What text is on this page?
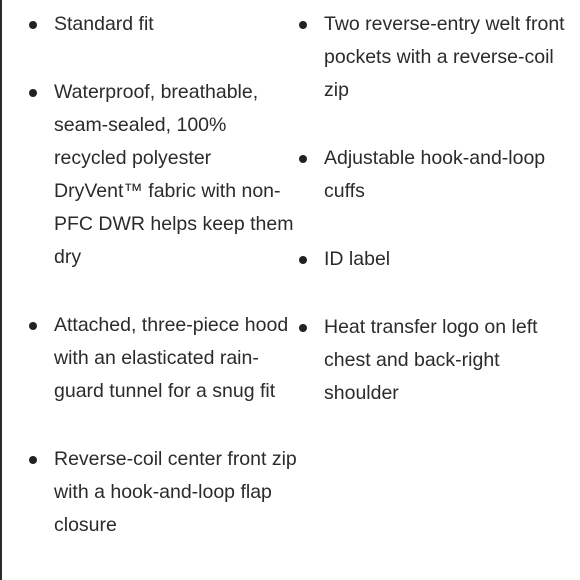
Standard fit
Waterproof, breathable, seam-sealed, 100% recycled polyester DryVent™ fabric with non-PFC DWR helps keep them dry
Attached, three-piece hood with an elasticated rain-guard tunnel for a snug fit
Reverse-coil center front zip with a hook-and-loop flap closure
Two reverse-entry welt front pockets with a reverse-coil zip
Adjustable hook-and-loop cuffs
ID label
Heat transfer logo on left chest and back-right shoulder
